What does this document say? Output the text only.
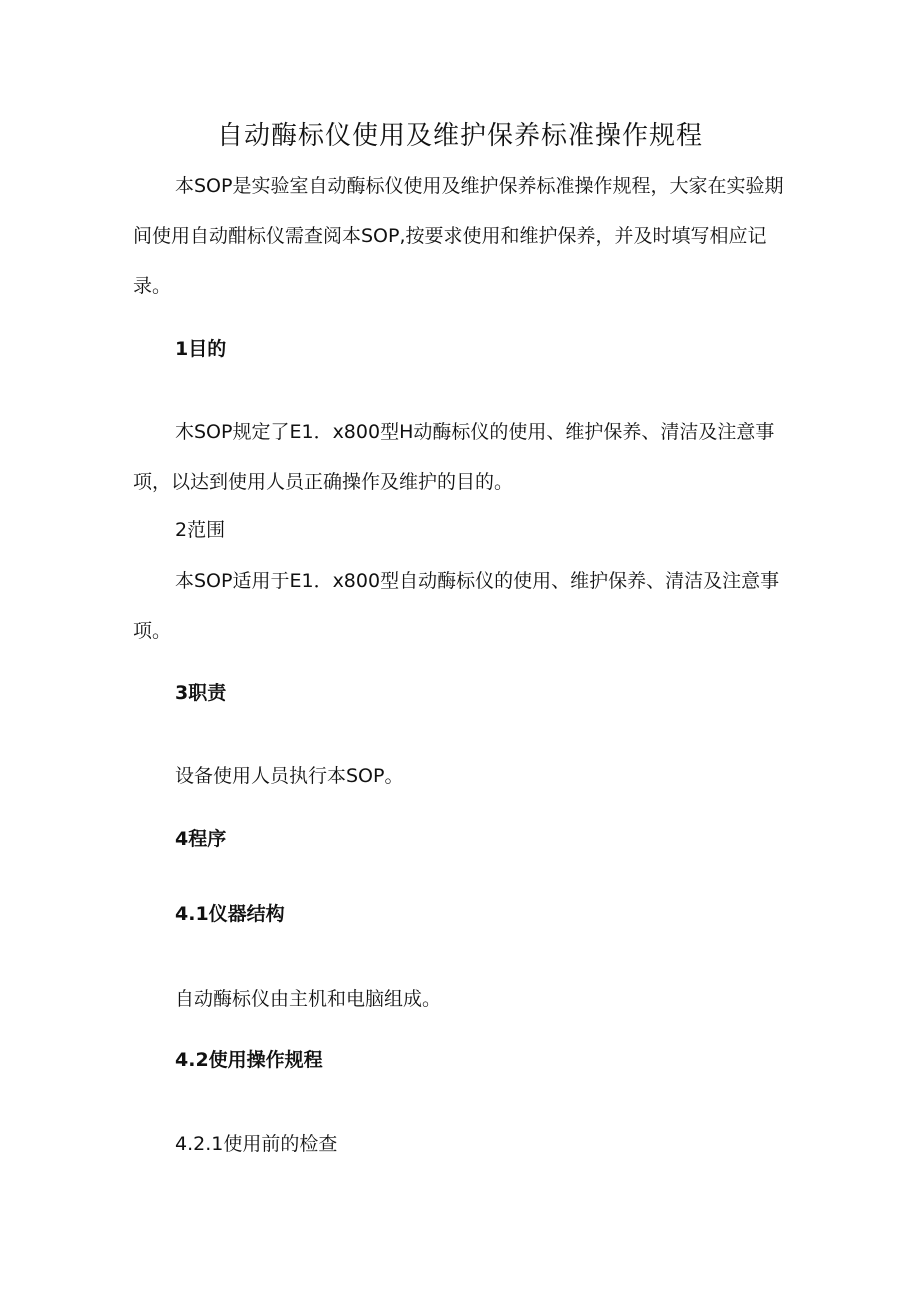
自动酶标仪使用及维护保养标准操作规程

本SOP是实验室自动酶标仪使用及维护保养标准操作规程，大家在实验期间使用自动酣标仪需查阅本SOP,按要求使用和维护保养，并及时填写相应记录。

1目的

木SOP规定了E1．x800型H动酶标仪的使用、维护保养、清洁及注意事项，以达到使用人员正确操作及维护的目的。

2范围

本SOP适用于E1．x800型自动酶标仪的使用、维护保养、清洁及注意事项。

3职责
设备使用人员执行本SOP。
4程序
4.1仪器结构
自动酶标仪由主机和电脑组成。
4.2使用操作规程
4.2.1使用前的检查
